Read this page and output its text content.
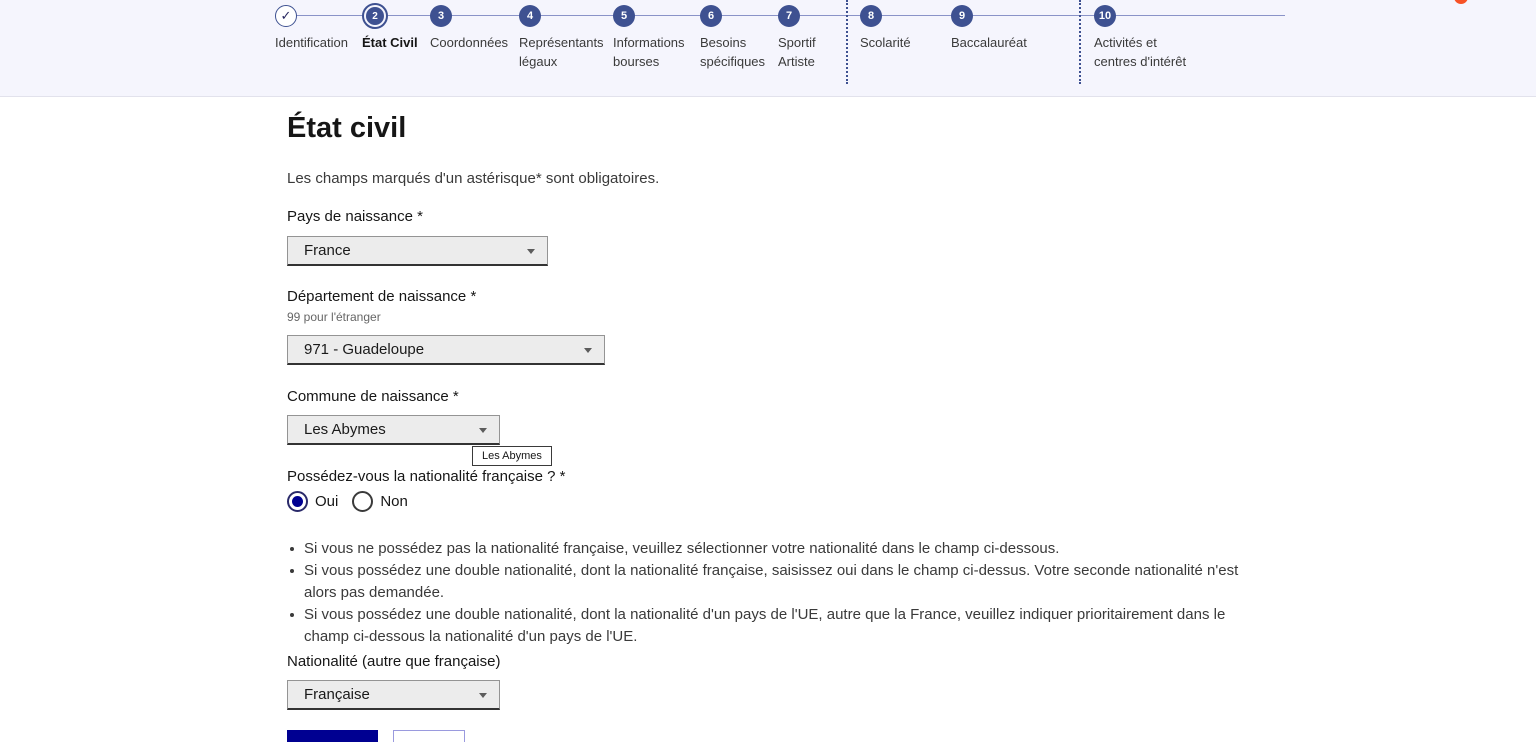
✓
Identification
2
État Civil
3
Coordonnées
4
Représentants
légaux
5
Informations
bourses
6
Besoins
spécifiques
7
Sportif
Artiste
8
Scolarité
9
Baccalauréat
10
Activités et
centres d'intérêt
État civil
Les champs marqués d'un astérisque* sont obligatoires.
Pays de naissance *
France
Département de naissance *
99 pour l'étranger
971 - Guadeloupe
Commune de naissance *
Les Abymes
Les Abymes
Possédez-vous la nationalité française ? *
Oui	Non
Si vous ne possédez pas la nationalité française, veuillez sélectionner votre nationalité dans le champ ci-dessous.
Si vous possédez une double nationalité, dont la nationalité française, saisissez oui dans le champ ci-dessus. Votre seconde nationalité n'est alors pas demandée.
Si vous possédez une double nationalité, dont la nationalité d'un pays de l'UE, autre que la France, veuillez indiquer prioritairement dans le champ ci-dessous la nationalité d'un pays de l'UE.
Nationalité (autre que française)
Française
